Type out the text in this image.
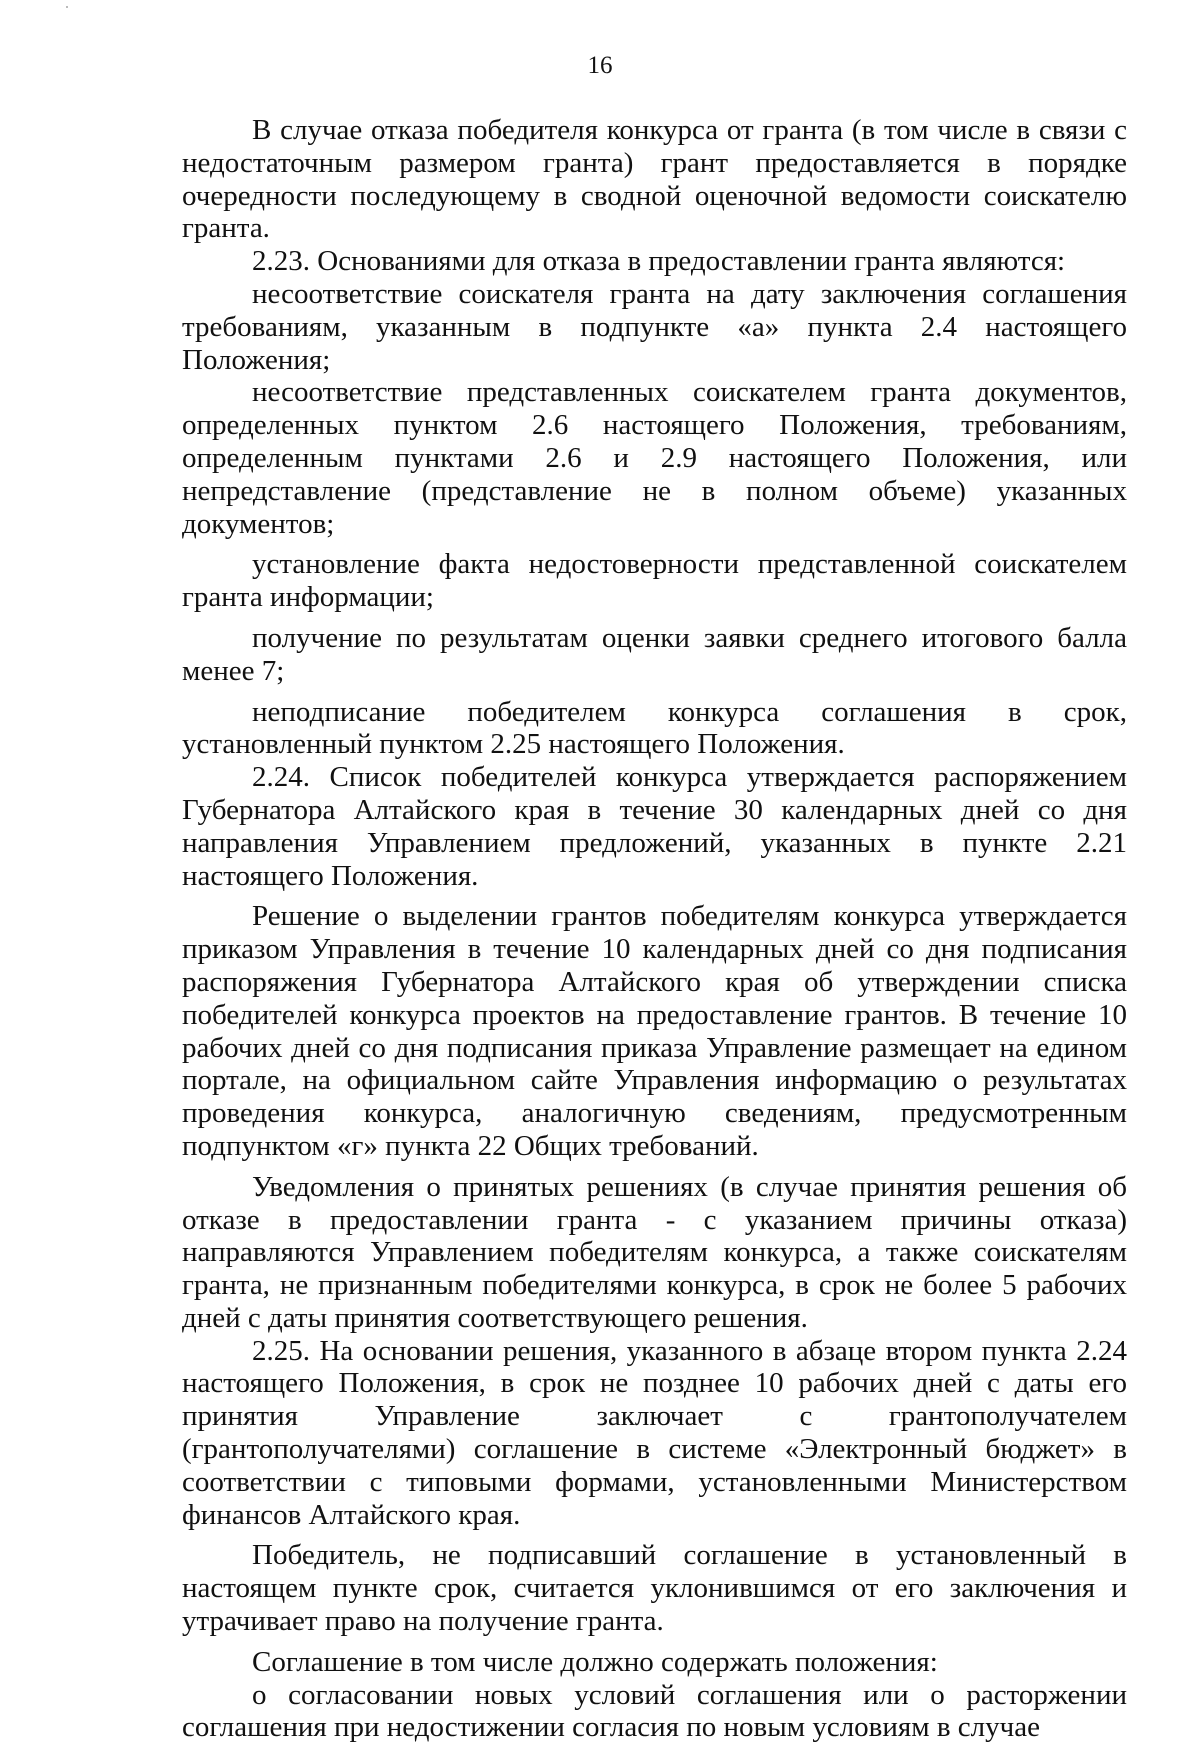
16

В случае отказа победителя конкурса от гранта (в том числе в связи с недостаточным размером гранта) грант предоставляется в порядке очередности последующему в сводной оценочной ведомости соискателю гранта.

2.23. Основаниями для отказа в предоставлении гранта являются:

несоответствие соискателя гранта на дату заключения соглашения требованиям, указанным в подпункте «а» пункта 2.4 настоящего Положения;

несоответствие представленных соискателем гранта документов, определенных пунктом 2.6 настоящего Положения, требованиям, определенным пунктами 2.6 и 2.9 настоящего Положения, или непредставление (представление не в полном объеме) указанных документов;

установление факта недостоверности представленной соискателем гранта информации;

получение по результатам оценки заявки среднего итогового балла менее 7;

неподписание победителем конкурса соглашения в срок, установленный пунктом 2.25 настоящего Положения.

2.24. Список победителей конкурса утверждается распоряжением Губернатора Алтайского края в течение 30 календарных дней со дня направления Управлением предложений, указанных в пункте 2.21 настоящего Положения.

Решение о выделении грантов победителям конкурса утверждается приказом Управления в течение 10 календарных дней со дня подписания распоряжения Губернатора Алтайского края об утверждении списка победителей конкурса проектов на предоставление грантов. В течение 10 рабочих дней со дня подписания приказа Управление размещает на едином портале, на официальном сайте Управления информацию о результатах проведения конкурса, аналогичную сведениям, предусмотренным подпунктом «г» пункта 22 Общих требований.

Уведомления о принятых решениях (в случае принятия решения об отказе в предоставлении гранта - с указанием причины отказа) направляются Управлением победителям конкурса, а также соискателям гранта, не признанным победителями конкурса, в срок не более 5 рабочих дней с даты принятия соответствующего решения.

2.25. На основании решения, указанного в абзаце втором пункта 2.24 настоящего Положения, в срок не позднее 10 рабочих дней с даты его принятия Управление заключает с грантополучателем (грантополучателями) соглашение в системе «Электронный бюджет» в соответствии с типовыми формами, установленными Министерством финансов Алтайского края.

Победитель, не подписавший соглашение в установленный в настоящем пункте срок, считается уклонившимся от его заключения и утрачивает право на получение гранта.

Соглашение в том числе должно содержать положения:

о согласовании новых условий соглашения или о расторжении соглашения при недостижении согласия по новым условиям в случае
